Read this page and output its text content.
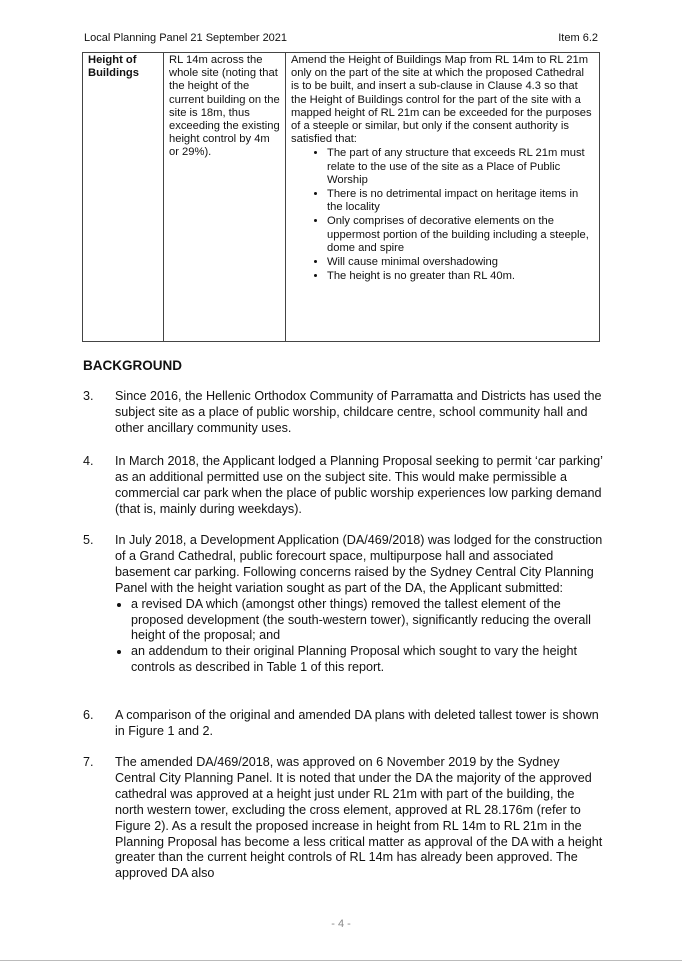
Local Planning Panel 21 September 2021	Item 6.2
Height of Buildings	RL 14m across the whole site (noting that the height of the current building on the site is 18m, thus exceeding the existing height control by 4m or 29%).	Amend the Height of Buildings Map from RL 14m to RL 21m only on the part of the site at which the proposed Cathedral is to be built, and insert a sub-clause in Clause 4.3 so that the Height of Buildings control for the part of the site with a mapped height of RL 21m can be exceeded for the purposes of a steeple or similar, but only if the consent authority is satisfied that:
• The part of any structure that exceeds RL 21m must relate to the use of the site as a Place of Public Worship
• There is no detrimental impact on heritage items in the locality
• Only comprises of decorative elements on the uppermost portion of the building including a steeple, dome and spire
• Will cause minimal overshadowing
• The height is no greater than RL 40m.
BACKGROUND
3. Since 2016, the Hellenic Orthodox Community of Parramatta and Districts has used the subject site as a place of public worship, childcare centre, school community hall and other ancillary community uses.
4. In March 2018, the Applicant lodged a Planning Proposal seeking to permit ‘car parking’ as an additional permitted use on the subject site. This would make permissible a commercial car park when the place of public worship experiences low parking demand (that is, mainly during weekdays).
5. In July 2018, a Development Application (DA/469/2018) was lodged for the construction of a Grand Cathedral, public forecourt space, multipurpose hall and associated basement car parking. Following concerns raised by the Sydney Central City Planning Panel with the height variation sought as part of the DA, the Applicant submitted:
• a revised DA which (amongst other things) removed the tallest element of the proposed development (the south-western tower), significantly reducing the overall height of the proposal; and
• an addendum to their original Planning Proposal which sought to vary the height controls as described in Table 1 of this report.
6. A comparison of the original and amended DA plans with deleted tallest tower is shown in Figure 1 and 2.
7. The amended DA/469/2018, was approved on 6 November 2019 by the Sydney Central City Planning Panel. It is noted that under the DA the majority of the approved cathedral was approved at a height just under RL 21m with part of the building, the north western tower, excluding the cross element, approved at RL 28.176m (refer to Figure 2). As a result the proposed increase in height from RL 14m to RL 21m in the Planning Proposal has become a less critical matter as approval of the DA with a height greater than the current height controls of RL 14m has already been approved. The approved DA also
- 4 -
